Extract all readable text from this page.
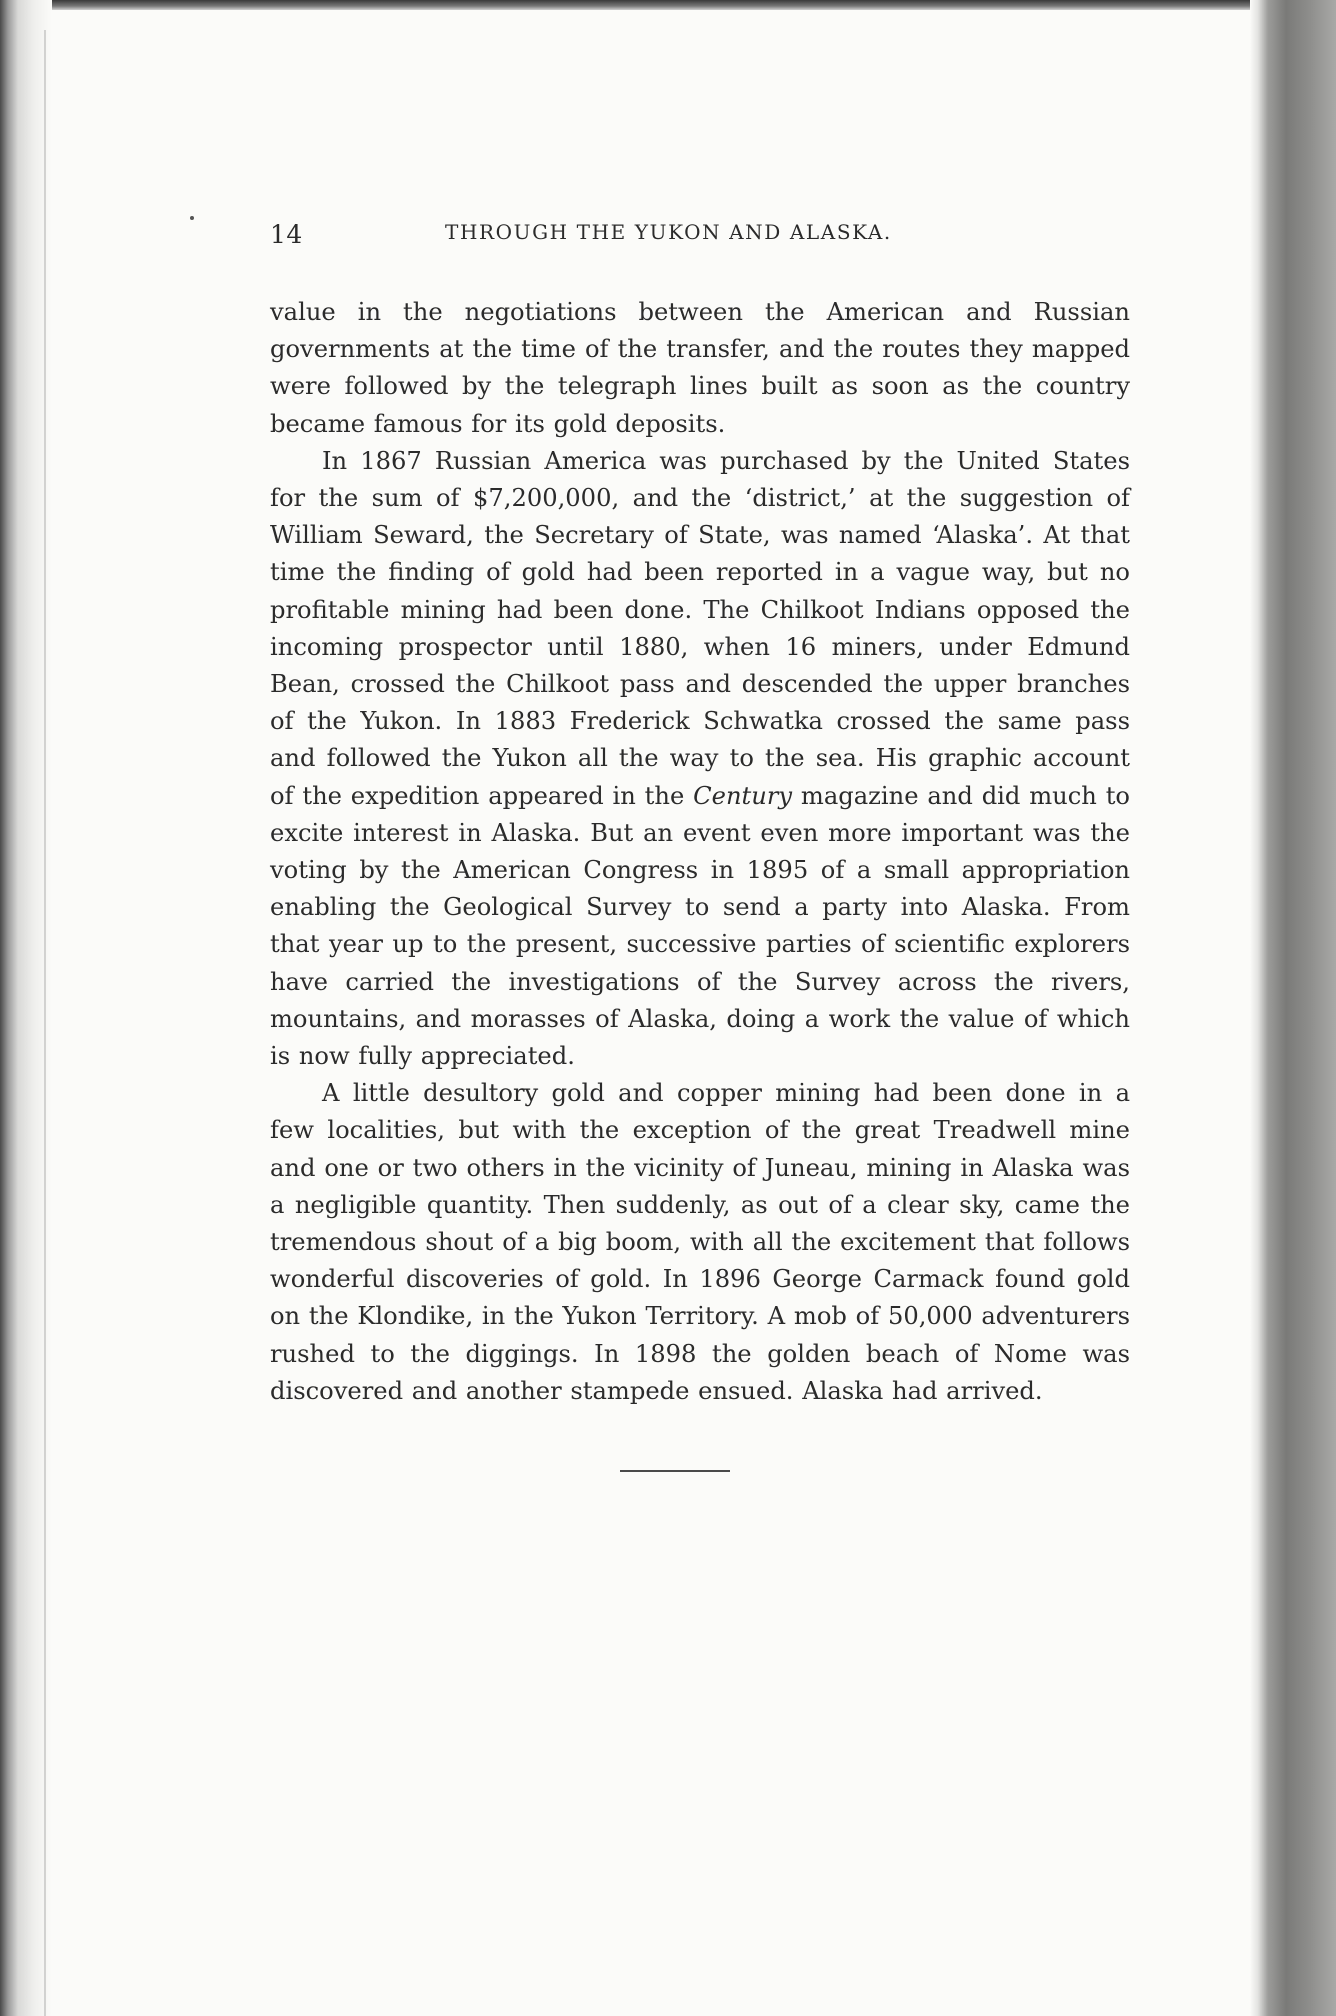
14	THROUGH THE YUKON AND ALASKA.

value in the negotiations between the American and Russian governments at the time of the transfer, and the routes they mapped were followed by the telegraph lines built as soon as the country became famous for its gold deposits.

In 1867 Russian America was purchased by the United States for the sum of $7,200,000, and the ‘district,’ at the suggestion of William Seward, the Secretary of State, was named ‘Alaska’. At that time the finding of gold had been reported in a vague way, but no profitable mining had been done. The Chilkoot Indians opposed the incoming prospector until 1880, when 16 miners, under Edmund Bean, crossed the Chilkoot pass and descended the upper branches of the Yukon. In 1883 Frederick Schwatka crossed the same pass and followed the Yukon all the way to the sea. His graphic account of the expedition appeared in the Century magazine and did much to excite interest in Alaska. But an event even more important was the voting by the American Congress in 1895 of a small appropriation enabling the Geological Survey to send a party into Alaska. From that year up to the present, successive parties of scientific explorers have carried the investigations of the Survey across the rivers, mountains, and morasses of Alaska, doing a work the value of which is now fully appreciated.

A little desultory gold and copper mining had been done in a few localities, but with the exception of the great Treadwell mine and one or two others in the vicinity of Juneau, mining in Alaska was a negligible quantity. Then suddenly, as out of a clear sky, came the tremendous shout of a big boom, with all the excitement that follows wonderful discoveries of gold. In 1896 George Carmack found gold on the Klondike, in the Yukon Territory. A mob of 50,000 adventurers rushed to the diggings. In 1898 the golden beach of Nome was discovered and another stampede ensued. Alaska had arrived.
